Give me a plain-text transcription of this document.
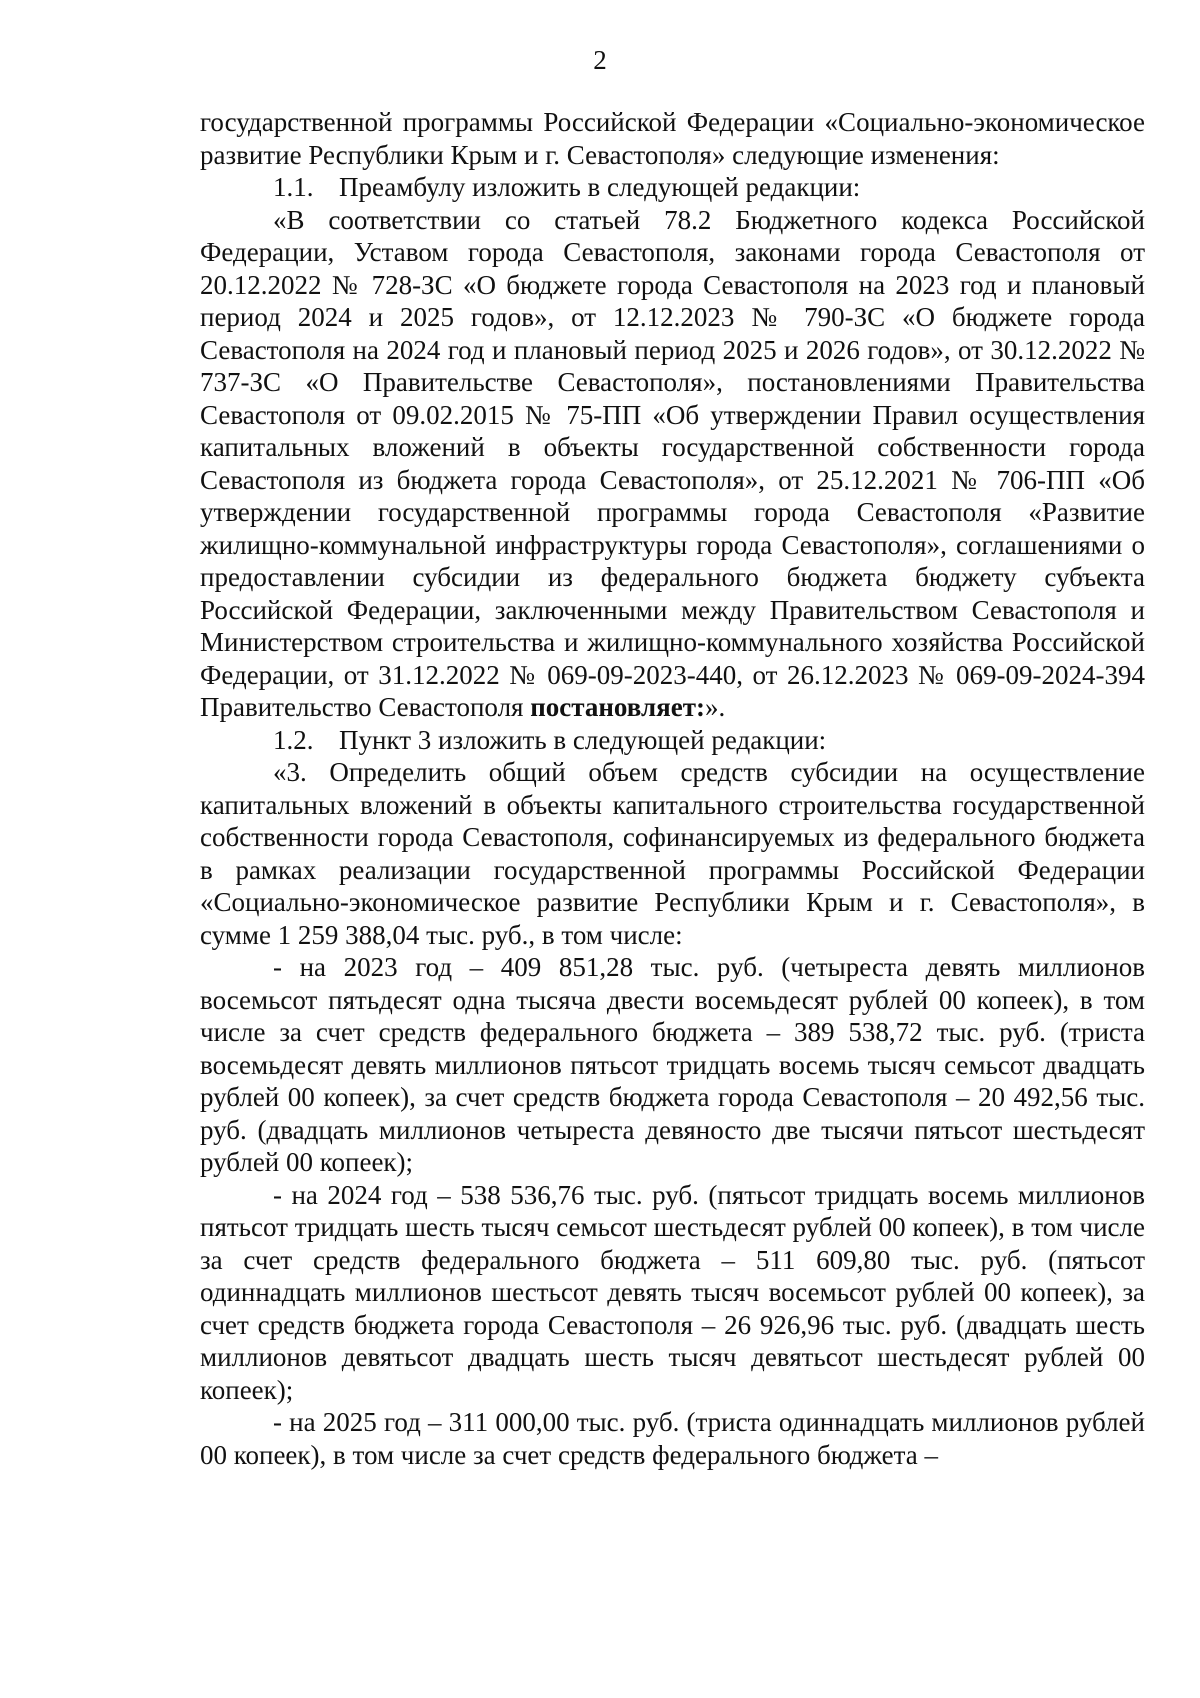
2

государственной программы Российской Федерации «Социально-экономическое развитие Республики Крым и г. Севастополя» следующие изменения:

1.1. Преамбулу изложить в следующей редакции:

«В соответствии со статьей 78.2 Бюджетного кодекса Российской Федерации, Уставом города Севастополя, законами города Севастополя от 20.12.2022 № 728-ЗС «О бюджете города Севастополя на 2023 год и плановый период 2024 и 2025 годов», от 12.12.2023 № 790-ЗС «О бюджете города Севастополя на 2024 год и плановый период 2025 и 2026 годов», от 30.12.2022 № 737-ЗС «О Правительстве Севастополя», постановлениями Правительства Севастополя от 09.02.2015 № 75-ПП «Об утверждении Правил осуществления капитальных вложений в объекты государственной собственности города Севастополя из бюджета города Севастополя», от 25.12.2021 № 706-ПП «Об утверждении государственной программы города Севастополя «Развитие жилищно-коммунальной инфраструктуры города Севастополя», соглашениями о предоставлении субсидии из федерального бюджета бюджету субъекта Российской Федерации, заключенными между Правительством Севастополя и Министерством строительства и жилищно-коммунального хозяйства Российской Федерации, от 31.12.2022 № 069-09-2023-440, от 26.12.2023 № 069-09-2024-394 Правительство Севастополя постановляет:».

1.2. Пункт 3 изложить в следующей редакции:

«3. Определить общий объем средств субсидии на осуществление капитальных вложений в объекты капитального строительства государственной собственности города Севастополя, софинансируемых из федерального бюджета в рамках реализации государственной программы Российской Федерации «Социально-экономическое развитие Республики Крым и г. Севастополя», в сумме 1 259 388,04 тыс. руб., в том числе:

- на 2023 год – 409 851,28 тыс. руб. (четыреста девять миллионов восемьсот пятьдесят одна тысяча двести восемьдесят рублей 00 копеек), в том числе за счет средств федерального бюджета – 389 538,72 тыс. руб. (триста восемьдесят девять миллионов пятьсот тридцать восемь тысяч семьсот двадцать рублей 00 копеек), за счет средств бюджета города Севастополя – 20 492,56 тыс. руб. (двадцать миллионов четыреста девяносто две тысячи пятьсот шестьдесят рублей 00 копеек);

- на 2024 год – 538 536,76 тыс. руб. (пятьсот тридцать восемь миллионов пятьсот тридцать шесть тысяч семьсот шестьдесят рублей 00 копеек), в том числе за счет средств федерального бюджета – 511 609,80 тыс. руб. (пятьсот одиннадцать миллионов шестьсот девять тысяч восемьсот рублей 00 копеек), за счет средств бюджета города Севастополя – 26 926,96 тыс. руб. (двадцать шесть миллионов девятьсот двадцать шесть тысяч девятьсот шестьдесят рублей 00 копеек);

- на 2025 год – 311 000,00 тыс. руб. (триста одиннадцать миллионов рублей 00 копеек), в том числе за счет средств федерального бюджета –
